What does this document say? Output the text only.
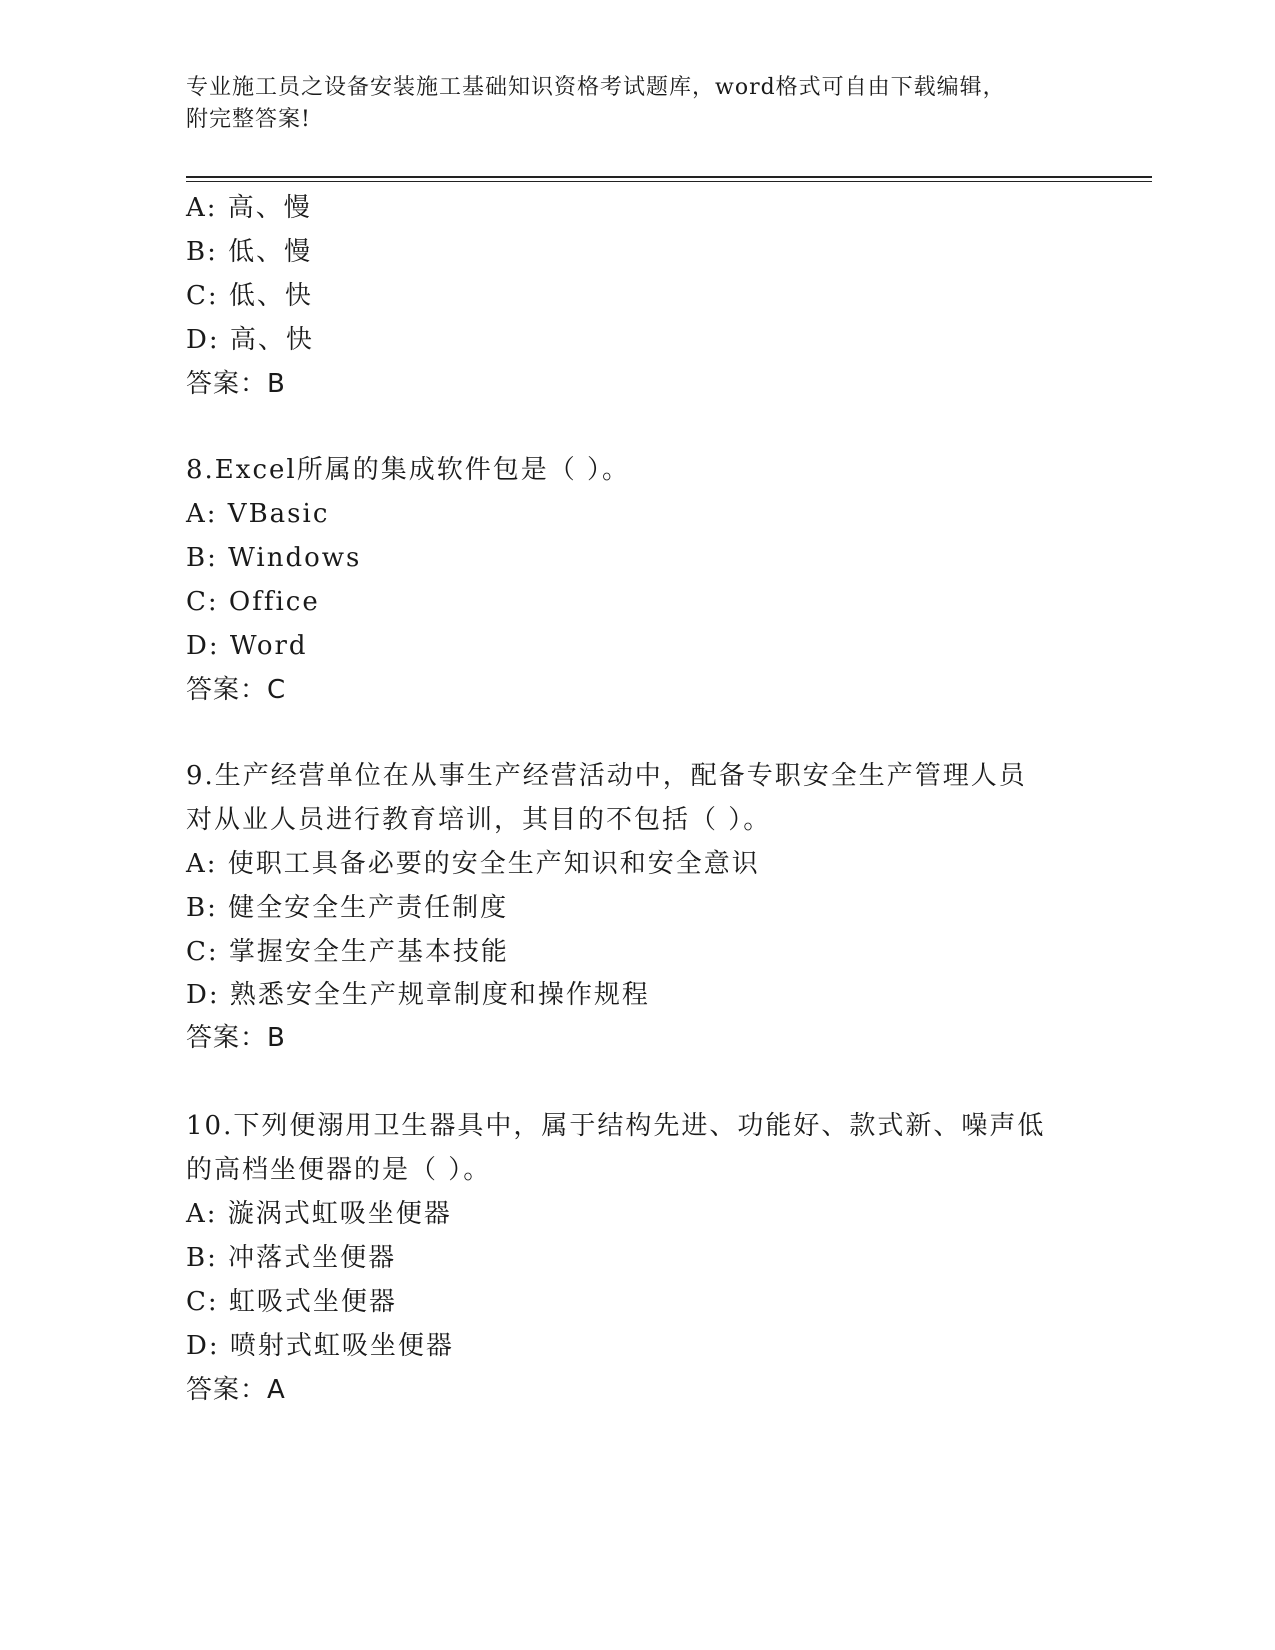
专业施工员之设备安装施工基础知识资格考试题库，word格式可自由下载编辑，
附完整答案!
A: 高、慢
B: 低、慢
C: 低、快
D: 高、快
答案：B
8.Excel所属的集成软件包是（ ）。
A: VBasic
B: Windows
C: Office
D: Word
答案：C
9.生产经营单位在从事生产经营活动中，配备专职安全生产管理人员
对从业人员进行教育培训，其目的不包括（ ）。
A: 使职工具备必要的安全生产知识和安全意识
B: 健全安全生产责任制度
C: 掌握安全生产基本技能
D: 熟悉安全生产规章制度和操作规程
答案：B
10.下列便溺用卫生器具中，属于结构先进、功能好、款式新、噪声低
的高档坐便器的是（ ）。
A: 漩涡式虹吸坐便器
B: 冲落式坐便器
C: 虹吸式坐便器
D: 喷射式虹吸坐便器
答案：A
